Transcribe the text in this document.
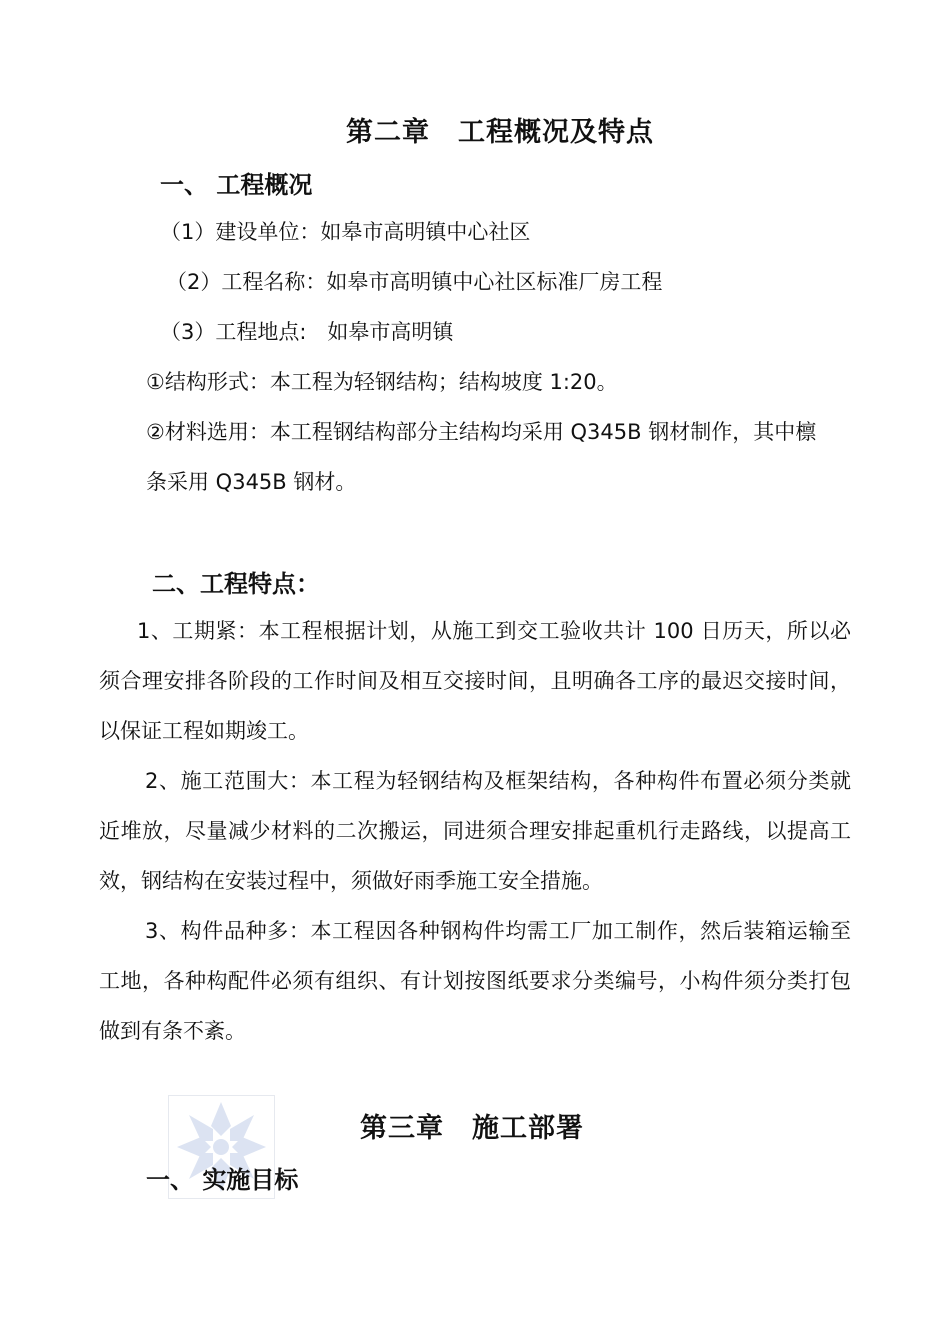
第二章　工程概况及特点
一、 工程概况
（1）建设单位：如皋市高明镇中心社区
（2）工程名称：如皋市高明镇中心社区标准厂房工程
（3）工程地点:　如皋市高明镇
①结构形式：本工程为轻钢结构；结构坡度 1:20。
②材料选用：本工程钢结构部分主结构均采用 Q345B 钢材制作，其中檩
条采用 Q345B 钢材。
二、工程特点：
1、工期紧：本工程根据计划，从施工到交工验收共计 100 日历天，所以必须合理安排各阶段的工作时间及相互交接时间，且明确各工序的最迟交接时间，以保证工程如期竣工。
2、施工范围大：本工程为轻钢结构及框架结构，各种构件布置必须分类就近堆放，尽量减少材料的二次搬运，同进须合理安排起重机行走路线，以提高工效，钢结构在安装过程中，须做好雨季施工安全措施。
3、构件品种多：本工程因各种钢构件均需工厂加工制作，然后装箱运输至工地，各种构配件必须有组织、有计划按图纸要求分类编号，小构件须分类打包做到有条不紊。
第三章　施工部署
一、 实施目标
